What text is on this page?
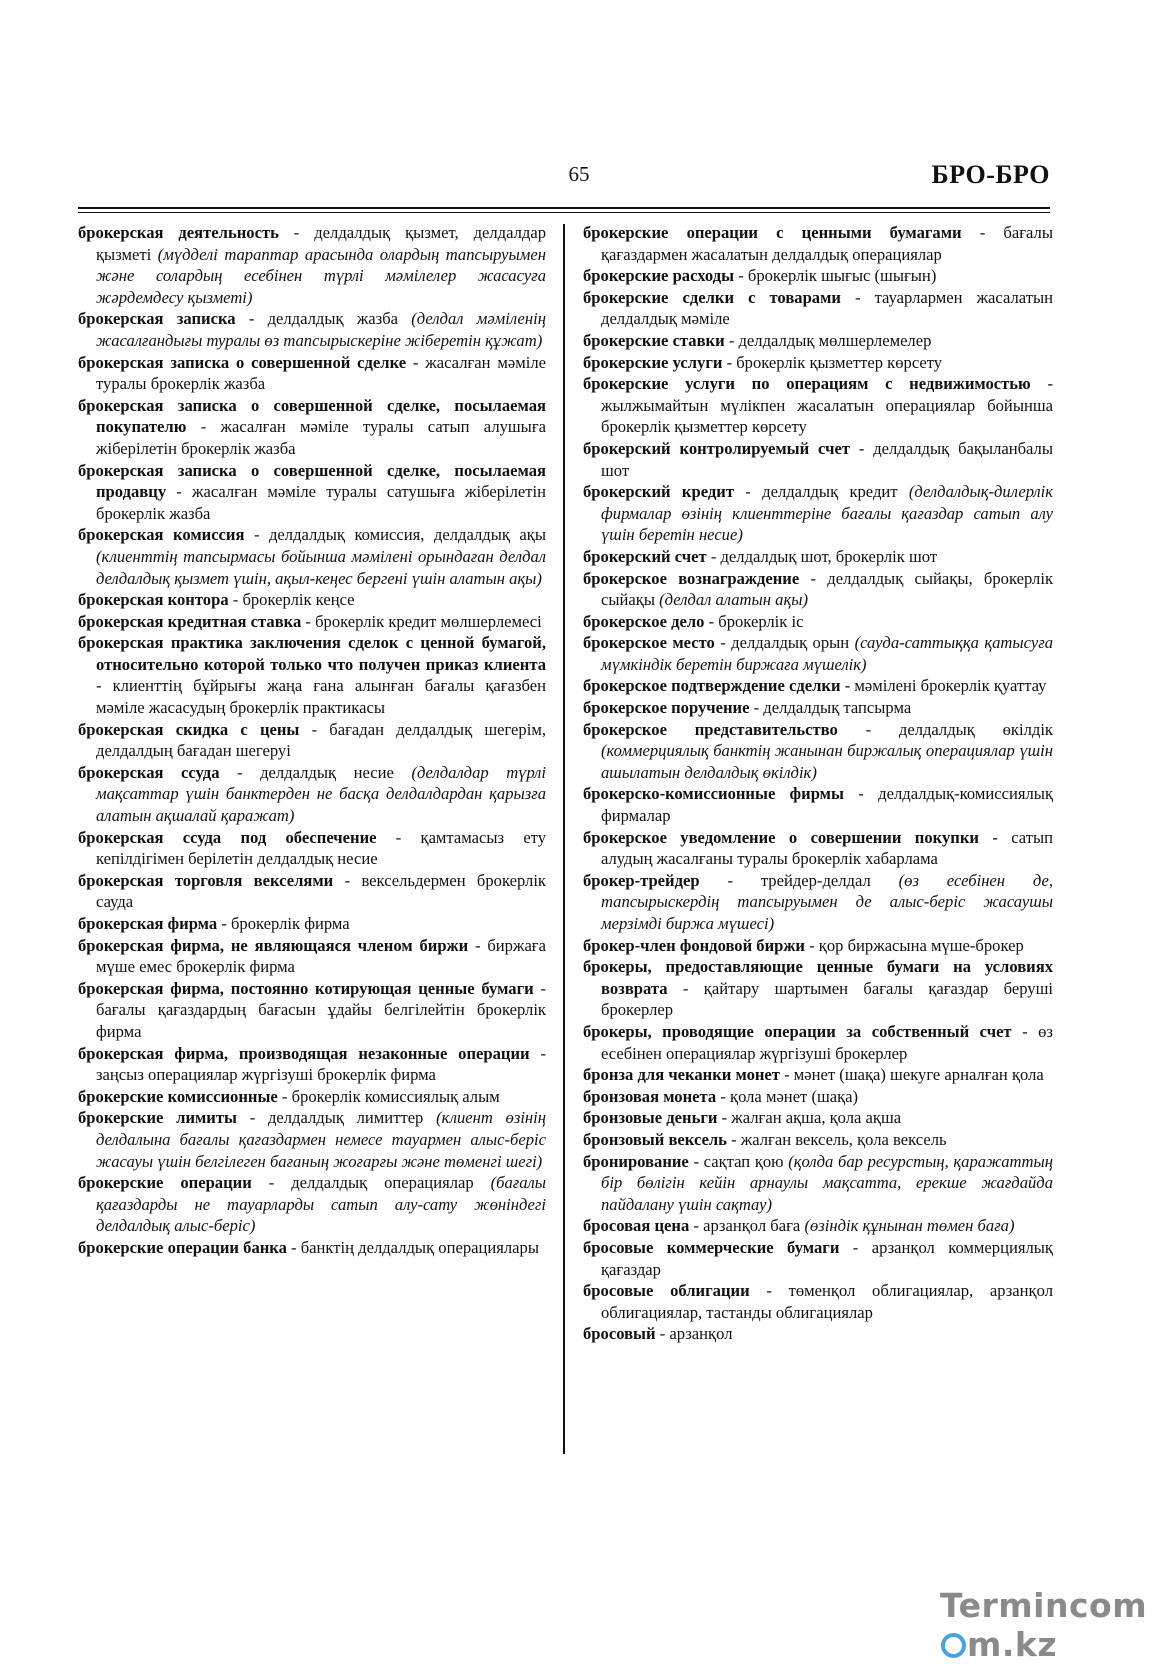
65	БРО-БРО
брокерская деятельность - делдалдық қызмет, делдалдар қызметі (мүдделі тараптар арасында олардың тапсыруымен және солардың есебінен түрлі мәмілелер жасасуға жәрдемдесу қызметі)
брокерская записка - делдалдық жазба (делдал мәміленің жасалғандығы туралы өз тапсырыскеріне жіберетін құжат)
брокерская записка о совершенной сделке - жасалған мәміле туралы брокерлік жазба
брокерская записка о совершенной сделке, посылаемая покупателю - жасалған мәміле туралы сатып алушыға жіберілетін брокерлік жазба
брокерская записка о совершенной сделке, посылаемая продавцу - жасалған мәміле туралы сатушыға жіберілетін брокерлік жазба
брокерская комиссия - делдалдық комиссия, делдалдық ақы (клиенттің тапсырмасы бойынша мәмілені орындаған делдал делдалдық қызмет үшін, ақыл-кеңес бергені үшін алатын ақы)
брокерская контора - брокерлік кеңсе
брокерская кредитная ставка - брокерлік кредит мөлшерлемесі
брокерская практика заключения сделок с ценной бумагой, относительно которой только что получен приказ клиента - клиенттің бұйрығы жаңа ғана алынған бағалы қағазбен мәміле жасасудың брокерлік практикасы
брокерская скидка с цены - бағадан делдалдық шегерім, делдалдың бағадан шегеруі
брокерская ссуда - делдалдық несие (делдалдар түрлі мақсаттар үшін банктерден не басқа делдалдардан қарызға алатын ақшалай қаражат)
брокерская ссуда под обеспечение - қамтамасыз ету кепілдігімен берілетін делдалдық несие
брокерская торговля векселями - вексельдермен брокерлік сауда
брокерская фирма - брокерлік фирма
брокерская фирма, не являющаяся членом биржи - биржаға мүше емес брокерлік фирма
брокерская фирма, постоянно котирующая ценные бумаги - бағалы қағаздардың бағасын ұдайы белгілейтін брокерлік фирма
брокерская фирма, производящая незаконные операции - заңсыз операциялар жүргізуші брокерлік фирма
брокерские комиссионные - брокерлік комиссиялық алым
брокерские лимиты - делдалдық лимиттер (клиент өзінің делдалына бағалы қағаздармен немесе тауармен алыс-беріс жасауы үшін белгілеген бағаның жоғарғы және төменгі шегі)
брокерские операции - делдалдық операциялар (бағалы қағаздарды не тауарларды сатып алу-сату жөніндегі делдалдық алыс-беріс)
брокерские операции банка - банктің делдалдық операциялары
брокерские операции с ценными бумагами - бағалы қағаздармен жасалатын делдалдық операциялар
брокерские расходы - брокерлік шығыс (шығын)
брокерские сделки с товарами - тауарлармен жасалатын делдалдық мәміле
брокерские ставки - делдалдық мөлшерлемелер
брокерские услуги - брокерлік қызметтер көрсету
брокерские услуги по операциям с недвижимостью - жылжымайтын мүлікпен жасалатын операциялар бойынша брокерлік қызметтер көрсету
брокерский контролируемый счет - делдалдық бақыланбалы шот
брокерский кредит - делдалдық кредит (делдалдық-дилерлік фирмалар өзінің клиенттеріне бағалы қағаздар сатып алу үшін беретін несие)
брокерский счет - делдалдық шот, брокерлік шот
брокерское вознаграждение - делдалдық сыйақы, брокерлік сыйақы (делдал алатын ақы)
брокерское дело - брокерлік іс
брокерское место - делдалдық орын (сауда-саттыққа қатысуға мүмкіндік беретін биржаға мүшелік)
брокерское подтверждение сделки - мәмілені брокерлік қуаттау
брокерское поручение - делдалдық тапсырма
брокерское представительство - делдалдық өкілдік (коммерциялық банктің жанынан биржалық операциялар үшін ашылатын делдалдық өкілдік)
брокерско-комиссионные фирмы - делдалдық-комиссиялық фирмалар
брокерское уведомление о совершении покупки - сатып алудың жасалғаны туралы брокерлік хабарлама
брокер-трейдер - трейдер-делдал (өз есебінен де, тапсырыскердің тапсыруымен де алыс-беріс жасаушы мерзімді биржа мүшесі)
брокер-член фондовой биржи - қор биржасына мүше-брокер
брокеры, предоставляющие ценные бумаги на условиях возврата - қайтару шартымен бағалы қағаздар беруші брокерлер
брокеры, проводящие операции за собственный счет - өз есебінен операциялар жүргізуші брокерлер
бронза для чеканки монет - мәнет (шақа) шекуге арналған қола
бронзовая монета - қола мәнет (шақа)
бронзовые деньги - жалған ақша, қола ақша
бронзовый вексель - жалған вексель, қола вексель
бронирование - сақтап қою (қолда бар ресурстың, қаражаттың бір бөлігін кейін арнаулы мақсатта, ерекше жағдайда пайдалану үшін сақтау)
бросовая цена - арзанқол баға (өзіндік құнынан төмен баға)
бросовые коммерческие бумаги - арзанқол коммерциялық қағаздар
бросовые облигации - төменқол облигациялар, арзанқол облигациялар, тастанды облигациялар
бросовый - арзанқол
Termincomm.kz
